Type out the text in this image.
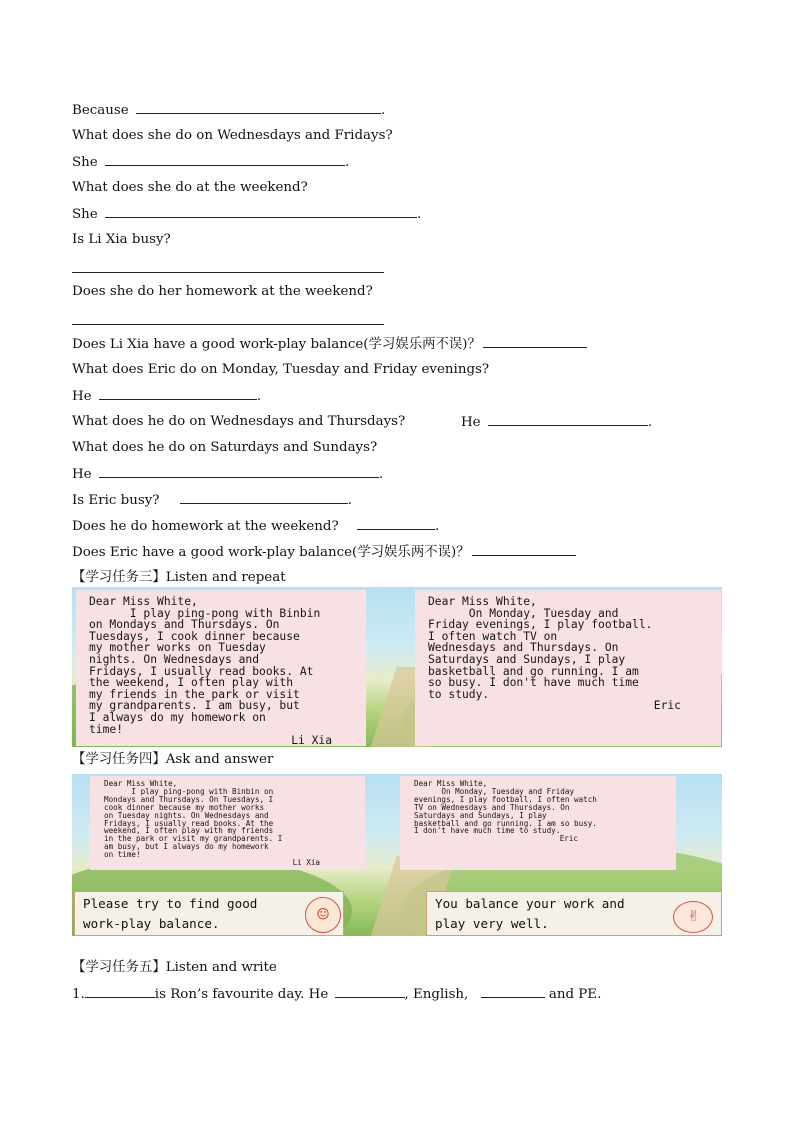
Because	.
What does she do on Wednesdays and Fridays?
She	.
What does she do at the weekend?
She	.
Is Li Xia busy?
Does she do her homework at the weekend?
Does Li Xia have a good work-play balance(学习娱乐两不误)？
What does Eric do on Monday, Tuesday and Friday evenings?
He	.
What does he do on Wednesdays and Thursdays?	He	.
What does he do on Saturdays and Sundays?
He	.
Is Eric busy?	.
Does he do homework at the weekend?	.
Does Eric have a good work-play balance(学习娱乐两不误)？
【学习任务三】Listen and repeat

Dear Miss White,

I play ping-pong with Binbin

on Mondays and Thursdays. On

Tuesdays, I cook dinner because

my mother works on Tuesday

nights. On Wednesdays and

Fridays, I usually read books. At

the weekend, I often play with

my friends in the park or visit

my grandparents. I am busy, but

I always do my homework on

time!

Li Xia

Dear Miss White,

On Monday, Tuesday and

Friday evenings, I play football.

I often watch TV on

Wednesdays and Thursdays. On

Saturdays and Sundays, I play

basketball and go running. I am

so busy. I don't have much time

to study.

Eric

【学习任务四】Ask and answer

Dear Miss White,

I play ping-pong with Binbin on

Mondays and Thursdays. On Tuesdays, I

cook dinner because my mother works

on Tuesday nights. On Wednesdays and

Fridays, I usually read books. At the

weekend, I often play with my friends

in the park or visit my grandparents. I

am busy, but I always do my homework

on time!

Li Xia

Dear Miss White,

On Monday, Tuesday and Friday

evenings, I play football. I often watch

TV on Wednesdays and Thursdays. On

Saturdays and Sundays, I play

basketball and go running. I am so busy.

I don't have much time to study.

Eric

Please try to find good

work-play balance.	☺	You balance your work and

play very well.	✌
【学习任务五】Listen and write
1.	is Ron’s favourite day. He	, English,	and PE.
